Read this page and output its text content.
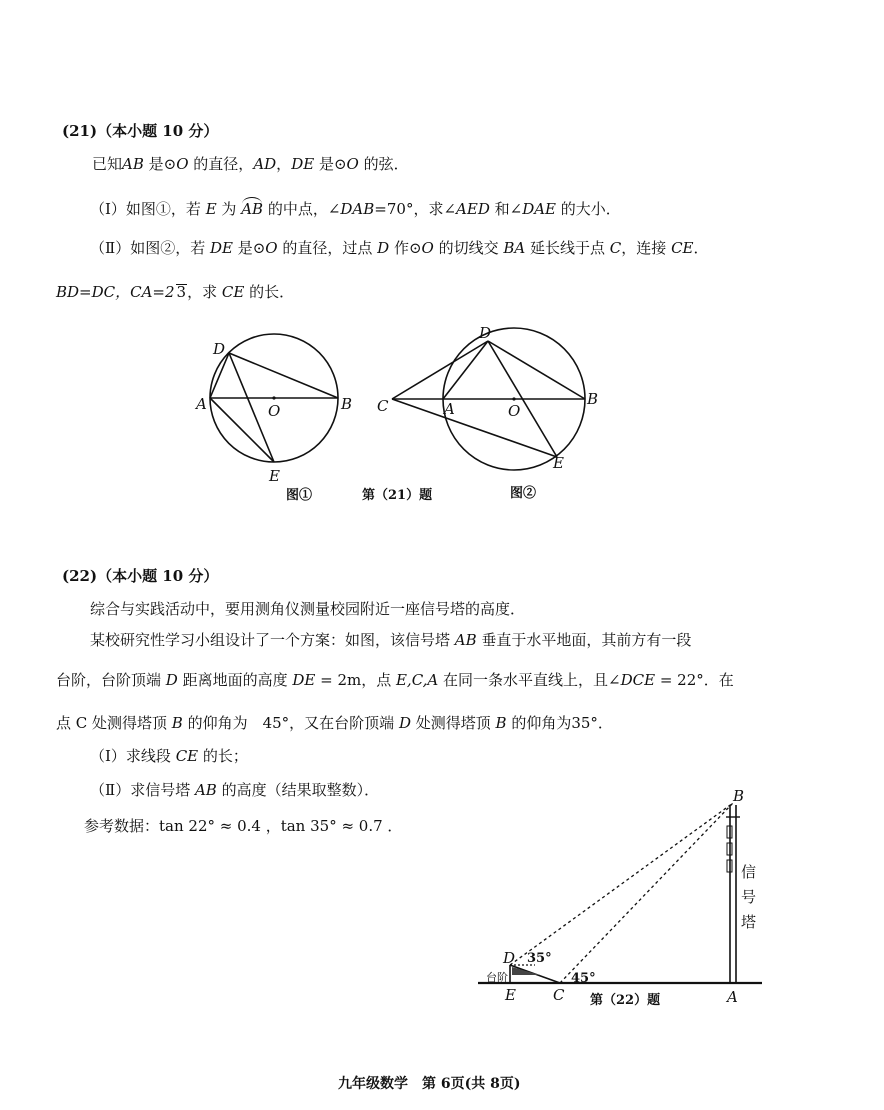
(21)（本小题 10 分）
已知AB 是⊙O 的直径，AD，DE 是⊙O 的弦．
（Ⅰ）如图①，若 E 为 AB 的中点，∠DAB=70°，求∠AED 和∠DAE 的大小．
（Ⅱ）如图②，若 DE 是⊙O 的直径，过点 D 作⊙O 的切线交 BA 延长线于点 C，连接 CE．
BD=DC，CA=2 3，求 CE 的长．
D
A	O	B
E
D
C	A	O
B
E
图①	第（21）题	图②
(22)（本小题 10 分）
综合与实践活动中，要用测角仪测量校园附近一座信号塔的高度．
某校研究性学习小组设计了一个方案：如图，该信号塔 AB 垂直于水平地面，其前方有一段
台阶，台阶顶端 D 距离地面的高度 DE = 2m，点 E,C,A 在同一条水平直线上，且∠DCE = 22°．在
点 C 处测得塔顶 B 的仰角为　45°，又在台阶顶端 D 处测得塔顶 B 的仰角为35°．
（Ⅰ）求线段 CE 的长；
（Ⅱ）求信号塔 AB 的高度（结果取整数）．
参考数据：tan 22° ≈ 0.4 ，tan 35° ≈ 0.7 ．
B
D
E C	A
35°
45°
第（22）题
台阶
信
号
塔
九年级数学　第 6页(共 8页)
